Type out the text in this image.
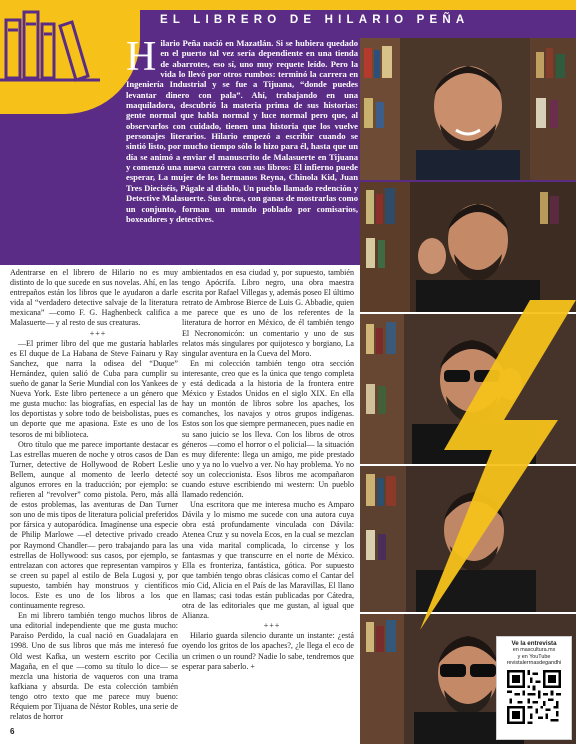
EL LIBRERO DE HILARIO PEÑA
H ilario Peña nació en Mazatlán. Si se hubiera quedado en el puerto tal vez sería dependiente en una tienda de abarrotes, eso sí, uno muy requete leído. Pero la vida lo llevó por otros rumbos: terminó la carrera en Ingeniería Industrial y se fue a Tijuana, “donde puedes levantar dinero con pala”. Ahí, trabajando en una maquiladora, descubrió la materia prima de sus historias: gente normal que habla normal y luce normal pero que, al observarlos con cuidado, tienen una historia que los vuelve personajes literarios. Hilario empezó a escribir cuando se sintió listo, por mucho tiempo sólo lo hizo para él, hasta que un día se animó a enviar el manuscrito de Malasuerte en Tijuana y comenzó una nueva carrera con sus libros: El infierno puede esperar, La mujer de los hermanos Reyna, Chinola Kid, Juan Tres Dieciséis, Págale al diablo, Un pueblo llamado redención y Detective Malasuerte. Sus obras, con ganas de mostrarlas como un conjunto, forman un mundo poblado por comisarios, boxeadores y detectives.

Adentrarse en el librero de Hilario no es muy distinto de lo que sucede en sus novelas. Ahí, en las entrepaños están los libros que le ayudaron a darle vida al “verdadero detective salvaje de la literatura mexicana” —como F. G. Haghenbeck califica a Malasuerte— y al resto de sus creaturas.

+++

—El primer libro del que me gustaría hablarles es El duque de La Habana de Steve Fainaru y Ray Sanchez, que narra la odisea del “Duque” Hernández, quien salió de Cuba para cumplir su sueño de ganar la Serie Mundial con los Yankees de Nueva York. Este libro pertenece a un género que me gusta mucho: las biografías, en especial las de los deportistas y sobre todo de beisbolistas, pues es un deporte que me apasiona. Este es uno de los tesoros de mi biblioteca.

Otro título que me parece importante destacar es Las estrellas mueren de noche y otros casos de Dan Turner, detective de Hollywood de Robert Leslie Bellem, aunque al momento de leerlo detecté algunos errores en la traducción; por ejemplo: se refieren al “revolver” como pistola. Pero, más allá de estos problemas, las aventuras de Dan Turner son uno de mis tipos de literatura policial preferidos por fársica y autoparódica. Imagínense una especie de Philip Marlowe —el detective privado creado por Raymond Chandler— pero trabajando para las estrellas de Hollywood: sus casos, por ejemplo, se entrelazan con actores que representan vampiros y se creen su papel al estilo de Bela Lugosi y, por supuesto, también hay monstruos y científicos locos. Este es uno de los libros a los que continuamente regreso.

En mi librero también tengo muchos libros de una editorial independiente que me gusta mucho: Paraíso Perdido, la cual nació en Guadalajara en 1998. Uno de sus libros que más me interesó fue Old west Kafka, un western escrito por Cecilia Magaña, en el que —como su título lo dice— se mezcla una historia de vaqueros con una trama kafkiana y absurda. De esta colección también tengo otro texto que me parece muy bueno: Réquiem por Tijuana de Néstor Robles, una serie de relatos de horror

ambientados en esa ciudad y, por supuesto, también tengo Apócrifa. Libro negro, una obra maestra escrita por Rafael Villegas y, además poseo El último retrato de Ambrose Bierce de Luis G. Abbadie, quien me parece que es uno de los referentes de la literatura de horror en México, de él también tengo El Necronomicón: un comentario y uno de sus relatos más singulares por quijotesco y borgiano, La singular aventura en la Cueva del Moro.

En mi colección también tengo otra sección interesante, creo que es la única que tengo completa y está dedicada a la historia de la frontera entre México y Estados Unidos en el siglo XIX. En ella hay un montón de libros sobre los apaches, los comanches, los navajos y otros grupos indígenas. Estos son los que siempre permanecen, pues nadie en su sano juicio se los lleva. Con los libros de otros géneros —como el horror o el policial— la situación es muy diferente: llega un amigo, me pide prestado uno y ya no lo vuelvo a ver. No hay problema. Yo no soy un coleccionista. Esos libros me acompañaron cuando estuve escribiendo mi western: Un pueblo llamado redención.

Una escritora que me interesa mucho es Amparo Dávila y lo mismo me sucede con una autora cuya obra está profundamente vinculada con Dávila: Atenea Cruz y su novela Ecos, en la cual se mezclan una vida marital complicada, lo circense y los fantasmas y que transcurre en el norte de México. Ella es fronteriza, fantástica, gótica. Por supuesto que también tengo obras clásicas como el Cantar del mío Cid, Alicia en el País de las Maravillas, El llano en llamas; casi todas están publicadas por Cátedra, otra de las editoriales que me gustan, al igual que Alianza.

+++

Hilario guarda silencio durante un instante: ¿está oyendo los gritos de los apaches?, ¿le llega el eco de un crimen o un round? Nadie lo sabe, tendremos que esperar para saberlo. +

6
Ve la entrevista
en mascultura.mx
y en YouTube
revistalerrnasdegandhi
